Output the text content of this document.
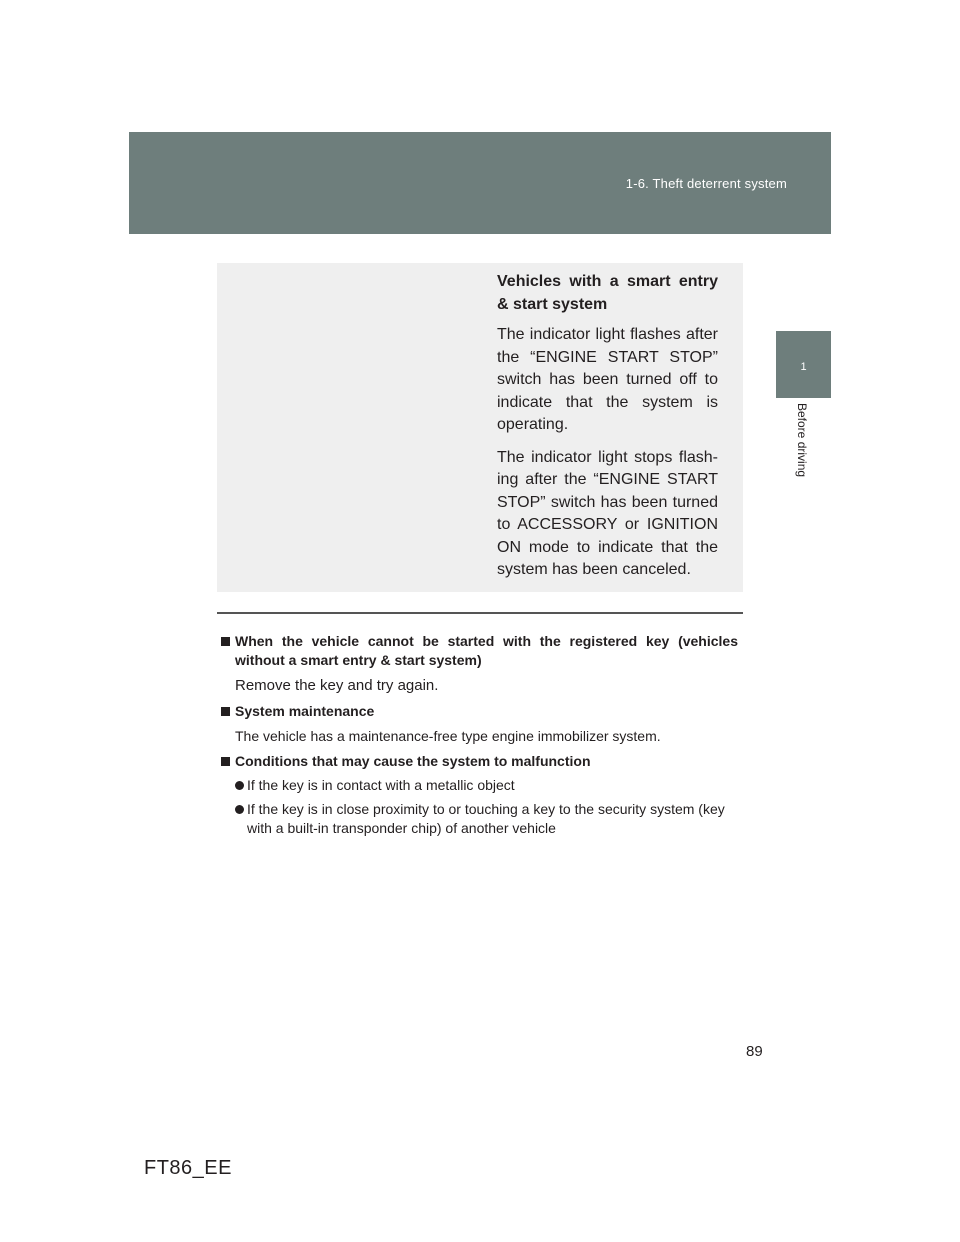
1-6. Theft deterrent system
1
Before driving

Vehicles with a smart entry & start system

The indicator light flashes after the “ENGINE START STOP” switch has been turned off to indicate that the system is operating.

The indicator light stops flash-ing after the “ENGINE START STOP” switch has been turned to ACCESSORY or IGNITION ON mode to indicate that the system has been canceled.

When the vehicle cannot be started with the registered key (vehicles without a smart entry & start system)
Remove the key and try again.
System maintenance
The vehicle has a maintenance-free type engine immobilizer system.
Conditions that may cause the system to malfunction
If the key is in contact with a metallic object
If the key is in close proximity to or touching a key to the security system (key with a built-in transponder chip) of another vehicle
89
FT86_EE
